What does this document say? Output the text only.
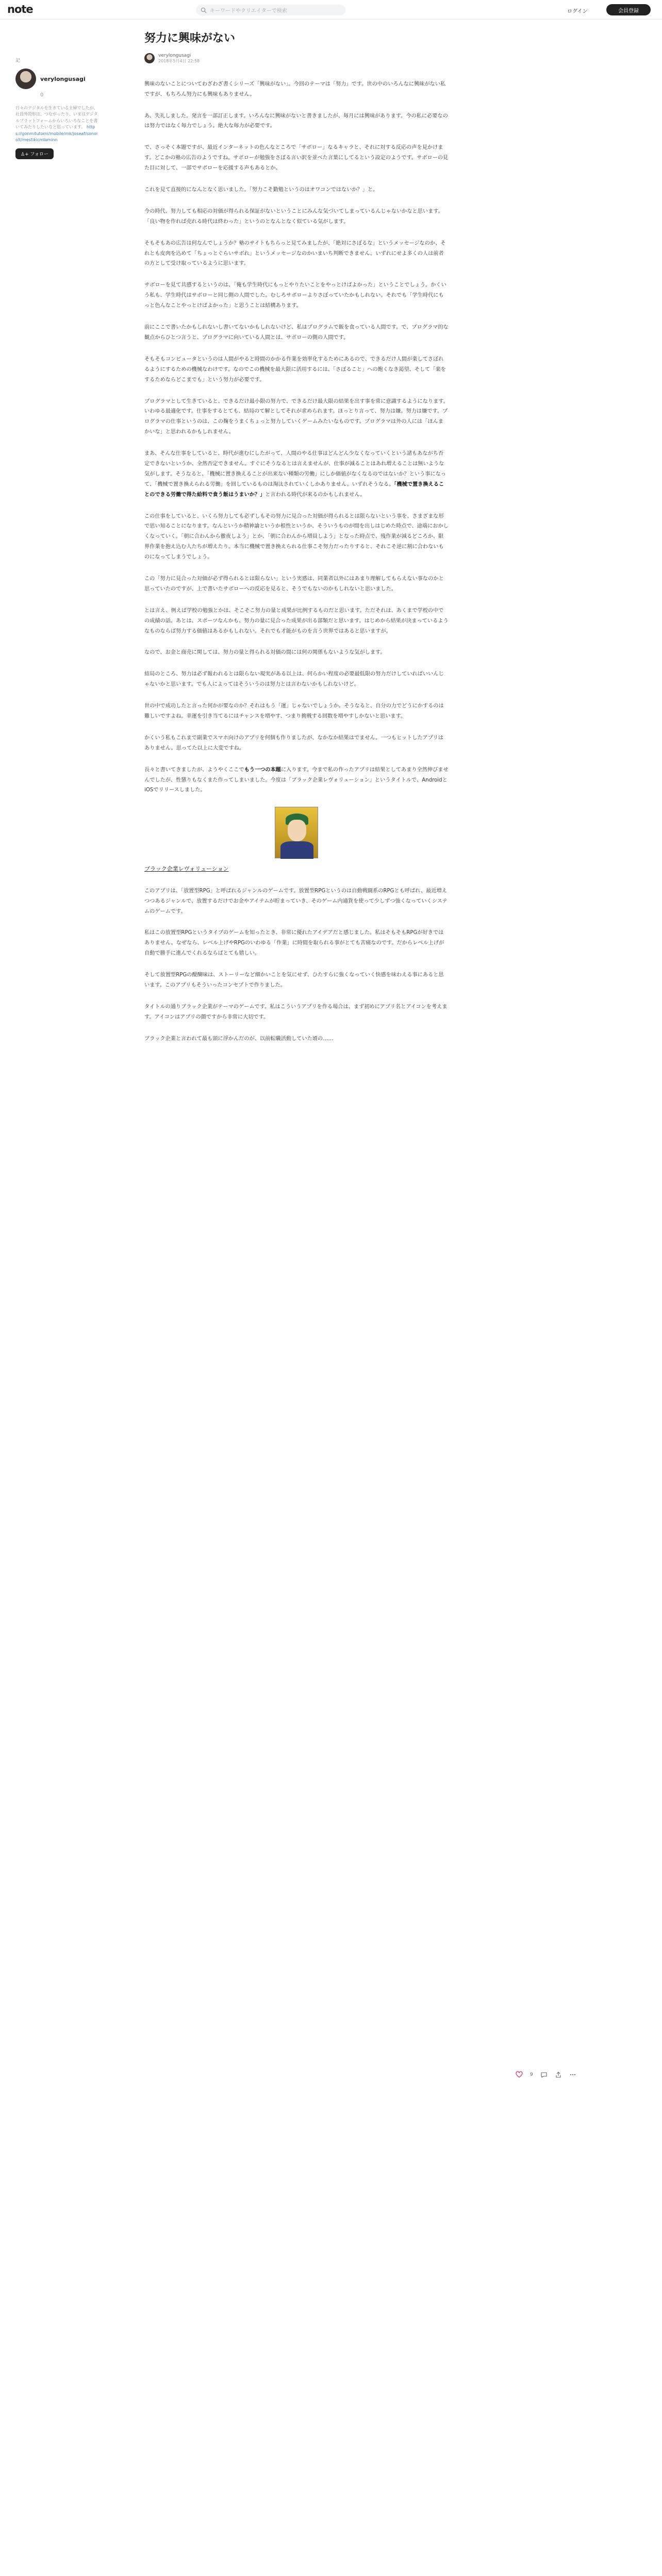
note	キーワードやクリエイターで検索	ログイン	会員登録
記
verylongusagi
0
日々のデジタルを生きている主婦でしたが、社員外的形は、つながったり、いまはデジタルブラットフォームからいろいろなことを書いてみたりしたいなと思っています。 https://gonmitutomi/mobile/mk/joseaf/sonoiolt/mestikicmlaminn
♙+ フォロー
努力に興味がない
verylongusagi
2018年5月4日 22:58

興味のないことについてわざわざ書くシリーズ「興味がない」。今回のテーマは「努力」です。世の中のいろんなに興味がない私ですが、もちろん努力にも興味もありません。

あ、失礼しました。発言を一部訂正します。いろんなに興味がないと書きましたが、毎月には興味があります。今の私に必要なのは努力ではなく毎力でしょう。絶大な毎力が必要です。

で、さっそく本題ですが、最近インターネットの色んなところで「サボロー」なるキャラと、それに対する反応の声を見かけます。どこかの塾の広告のようですね。サボローが勉強をさぼる言い訳を並べた言葉にしてるという設定のようです。サボローの見た目に対して、一部でサボローを応援する声もあるとか。

これを見て直接的になんとなく思いました。「努力こそ勤勉というのはオワコンではないか？」と。

今の時代、努力しても相応の対価が得られる保証がないということにみんな気づいてしまっているんじゃないかなと思います。「良い物を作れば売れる時代は終わった」というのとなんとなく似ている気がします。

そもそもあの広告は何なんでしょうか？塾のサイトもちらっと見てみましたが、「絶対にさぼるな」というメッセージなのか、それとも皮肉を込めて「ちょっとぐらいサボれ」というメッセージなのかいまいち判断できません。いずれにせよ多くの人は前者の方として受け取っているように思います。

サボローを見て共感するというのは、「俺も学生時代にもっとやりたいことをやっとけばよかった」ということでしょう。かくいう私も、学生時代はサボローと同じ側の人間でした。むしろサボローよりさぼっていたかもしれない。それでも「学生時代にもっと色んなことやっとけばよかった」と思うことは結構あります。

前にここで書いたかもしれないし書いてないかもしれないけど、私はプログラムで飯を食っている人間です。で、プログラマ的な観点からひとつ言うと、プログラマに向いている人間とは、サボローの側の人間です。

そもそもコンピュータというのは人間がやると時間のかかる作業を効率化するためにあるので、できるだけ人間が楽してさぼれるようにするための機械なわけです。なのでこの機械を最大限に活用するには、「さぼること」への飽くなき渇望、そして「楽をするためならどこまでも」という努力が必要です。

プログラマとして生きていると、できるだけ最小限の努力で、できるだけ最大限の結果を出す事を常に意識するようになります。いわゆる最適化です。仕事をするとても、結局のて解としてそれが求められます。ほっとり言って、努力は嫌。努力は嫌です。プログラマの仕事というのは、この麹をうまくちょっと努力していくゲームみたいなものです。プログラマは外の人には「ほんまかいな」と思われるかもしれません。

まあ、そんな仕事をしていると、時代が進むにしたがって、人間のやる仕事はどんどん少なくなっていくという諸もあながち否定できないというか、全然否定できません。すぐにそうなるとは言えませんが、仕事が減ることはあれ増えることは無いような気がします。そうなると、「機械に置き換えることが出来ない種類の労働」にしか価値がなくなるのではないか？という事になって、「機械で置き換えられる労働」を回しているものは淘汰されていくしかありません。いずれそうなる。「機械で置き換えることのできる労働で得た給料で食う飯はうまいか？」と言われる時代が来るのかもしれません。

この仕事をしていると、いくら努力しても必ずしもその努力に見合った対価が得られるとは限らないという事を、さまざまな形で思い知ることになります。なんというか精神論というか根性というか、そういうものが間を出しはじめた時点で、途端におかしくなっていく。「朝に合わんから徹夜しよう」とか、「朝に合わんから増員しよう」となった時点で、残作業が減るどころか、限界作業を抱え込む人たちが増えたり。本当に機械で置き換えられる仕事こそ努力だったりすると、それこそ逆に割に合わないものになってしまうでしょう。

この「努力に見合った対価が必ず得られるとは限らない」という実感は、同業者以外にはあまり理解してもらえない事なのかと思っていたのですが、上で書いたサボローへの反応を見ると、そうでもないのかもしれないと思いました。

とは言え、例えば学校の勉強とかは、そこそこ努力の量と成果が比例するものだと思います。ただそれは、あくまで学校の中での成績の話。あとは、スポーツなんかも、努力の量に見合った成果が出る部類だと思います。はじめから結果が決まっているようなものならば努力する価値はあるかもしれない。それでも才能がものを言う世界ではあると思いますが。

なので、お金と商売に関しては、努力の量と得られる対価の間には何の関係もないような気がします。

結局のところ、努力は必ず報われるとは限らない現実がある以上は、何らかい程度の必要最低限の努力だけしていればいいんじゃないかと思います。でも人によってはそういうのは努力とは言わないかもしれないけど。

世の中で成功したと言った何かが要なのか？それはもう「運」じゃないでしょうか。そうなると、自分の力でどうにかするのは難しいですよね。幸運を引き当てるにはチャンスを増やす、つまり挑戦する回数を増やすしかないと思います。

かくいう私もこれまで副業でスマホ向けのアプリを何個も作りましたが、なかなか結果はでません。一つもヒットしたアプリはありません。思ってた以上に大変ですね。

長々と書いてきましたが、ようやくここでもう一つの本題に入ります。今まで私の作ったアプリは結果としてあまり全然伸びませんでしたが、性懲りもなくまた作ってしまいました。今度は「ブラック企業レヴォリューション」というタイトルで、AndroidとiOSでリリースしました。

ブラック企業レヴォリューション

このアプリは、「放置型RPG」と呼ばれるジャンルのゲームです。放置型RPGというのは自動戦闘系のRPGとも呼ばれ、最近増えつつあるジャンルで、放置するだけでお金やアイテムが貯まっていき、そのゲーム内通貨を使って少しずつ強くなっていくシステムのゲームです。

私はこの放置型RPGというタイプのゲームを知ったとき、非常に優れたアイデアだと感じました。私はそもそもRPGが好きではありません。なぜなら、レベル上げやRPGのいわゆる「作業」に時間を取られる事がとても苦痛なのです。だからレベル上げが自動で勝手に進んでくれるならばとても嬉しい。

そして放置型RPGの醍醐味は、ストーリーなど細かいことを気にせず、ひたすらに強くなっていく快感を味わえる事にあると思います。このアプリもそういったコンセプトで作りました。

タイトルの通りブラック企業がテーマのゲームです。私はこういうアプリを作る場合は、まず初めにアプリ名とアイコンを考えます。アイコンはアプリの顔ですから非常に大切です。

ブラック企業と言われて最も頭に浮かんだのが、以前転職活動していた頃の……

9
